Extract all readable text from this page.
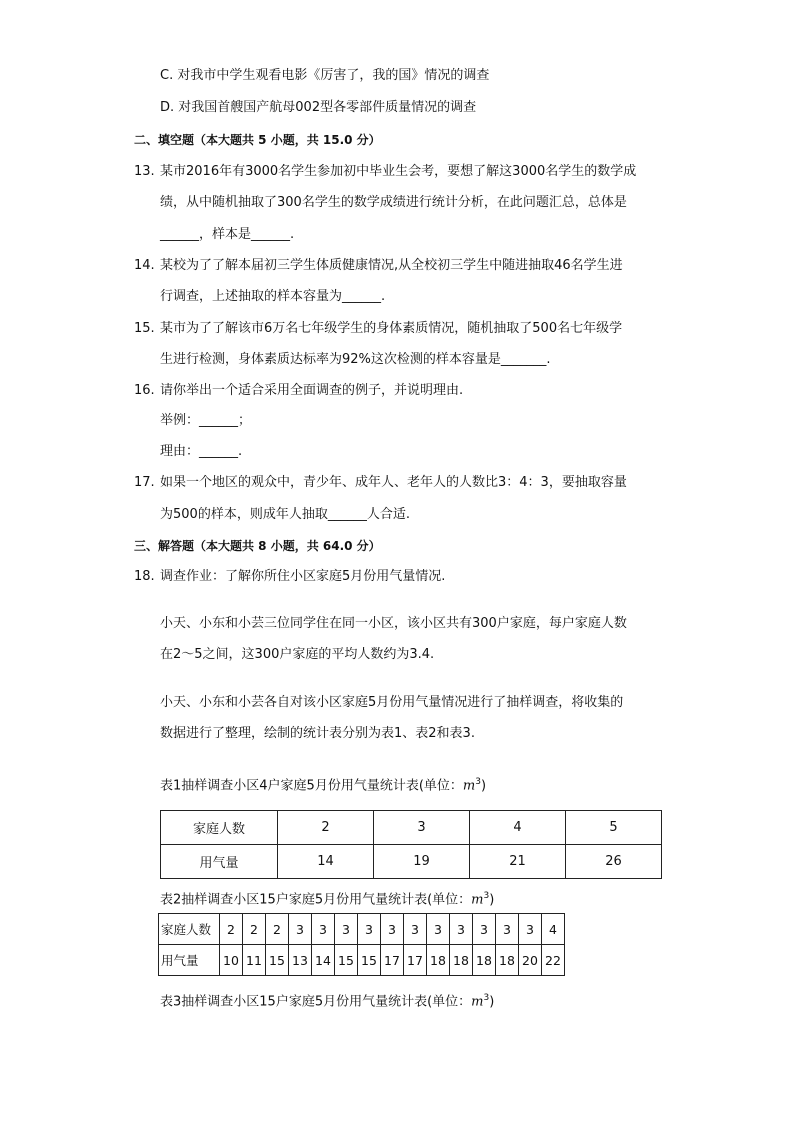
C. 对我市中学生观看电影《厉害了，我的国》情况的调查
D. 对我国首艘国产航母002型各零部件质量情况的调查
二、填空题（本大题共 5 小题，共 15.0 分）
13. 某市2016年有3000名学生参加初中毕业生会考，要想了解这3000名学生的数学成
绩，从中随机抽取了300名学生的数学成绩进行统计分析，在此问题汇总，总体是
______，样本是______.
14. 某校为了了解本届初三学生体质健康情况,从全校初三学生中随进抽取46名学生进
行调查，上述抽取的样本容量为______.
15. 某市为了了解该市6万名七年级学生的身体素质情况，随机抽取了500名七年级学
生进行检测，身体素质达标率为92%这次检测的样本容量是_______.
16. 请你举出一个适合采用全面调查的例子，并说明理由.
举例：______；
理由：______.
17. 如果一个地区的观众中，青少年、成年人、老年人的人数比3：4：3，要抽取容量
为500的样本，则成年人抽取______人合适.
三、解答题（本大题共 8 小题，共 64.0 分）
18. 调查作业：了解你所住小区家庭5月份用气量情况.
小天、小东和小芸三位同学住在同一小区，该小区共有300户家庭，每户家庭人数
在2～5之间，这300户家庭的平均人数约为3.4.
小天、小东和小芸各自对该小区家庭5月份用气量情况进行了抽样调查，将收集的
数据进行了整理，绘制的统计表分别为表1、表2和表3.
表1抽样调查小区4户家庭5月份用气量统计表(单位：$m^3$)
家庭人数	2	3	4	5
用气量	14	19	21	26
表2抽样调查小区15户家庭5月份用气量统计表(单位：$m^3$)
家庭人数	2	2	2	3	3	3	3	3	3	3	3	3	3	3	4
用气量	10	11	15	13	14	15	15	17	17	18	18	18	18	20	22
表3抽样调查小区15户家庭5月份用气量统计表(单位：$m^3$)
